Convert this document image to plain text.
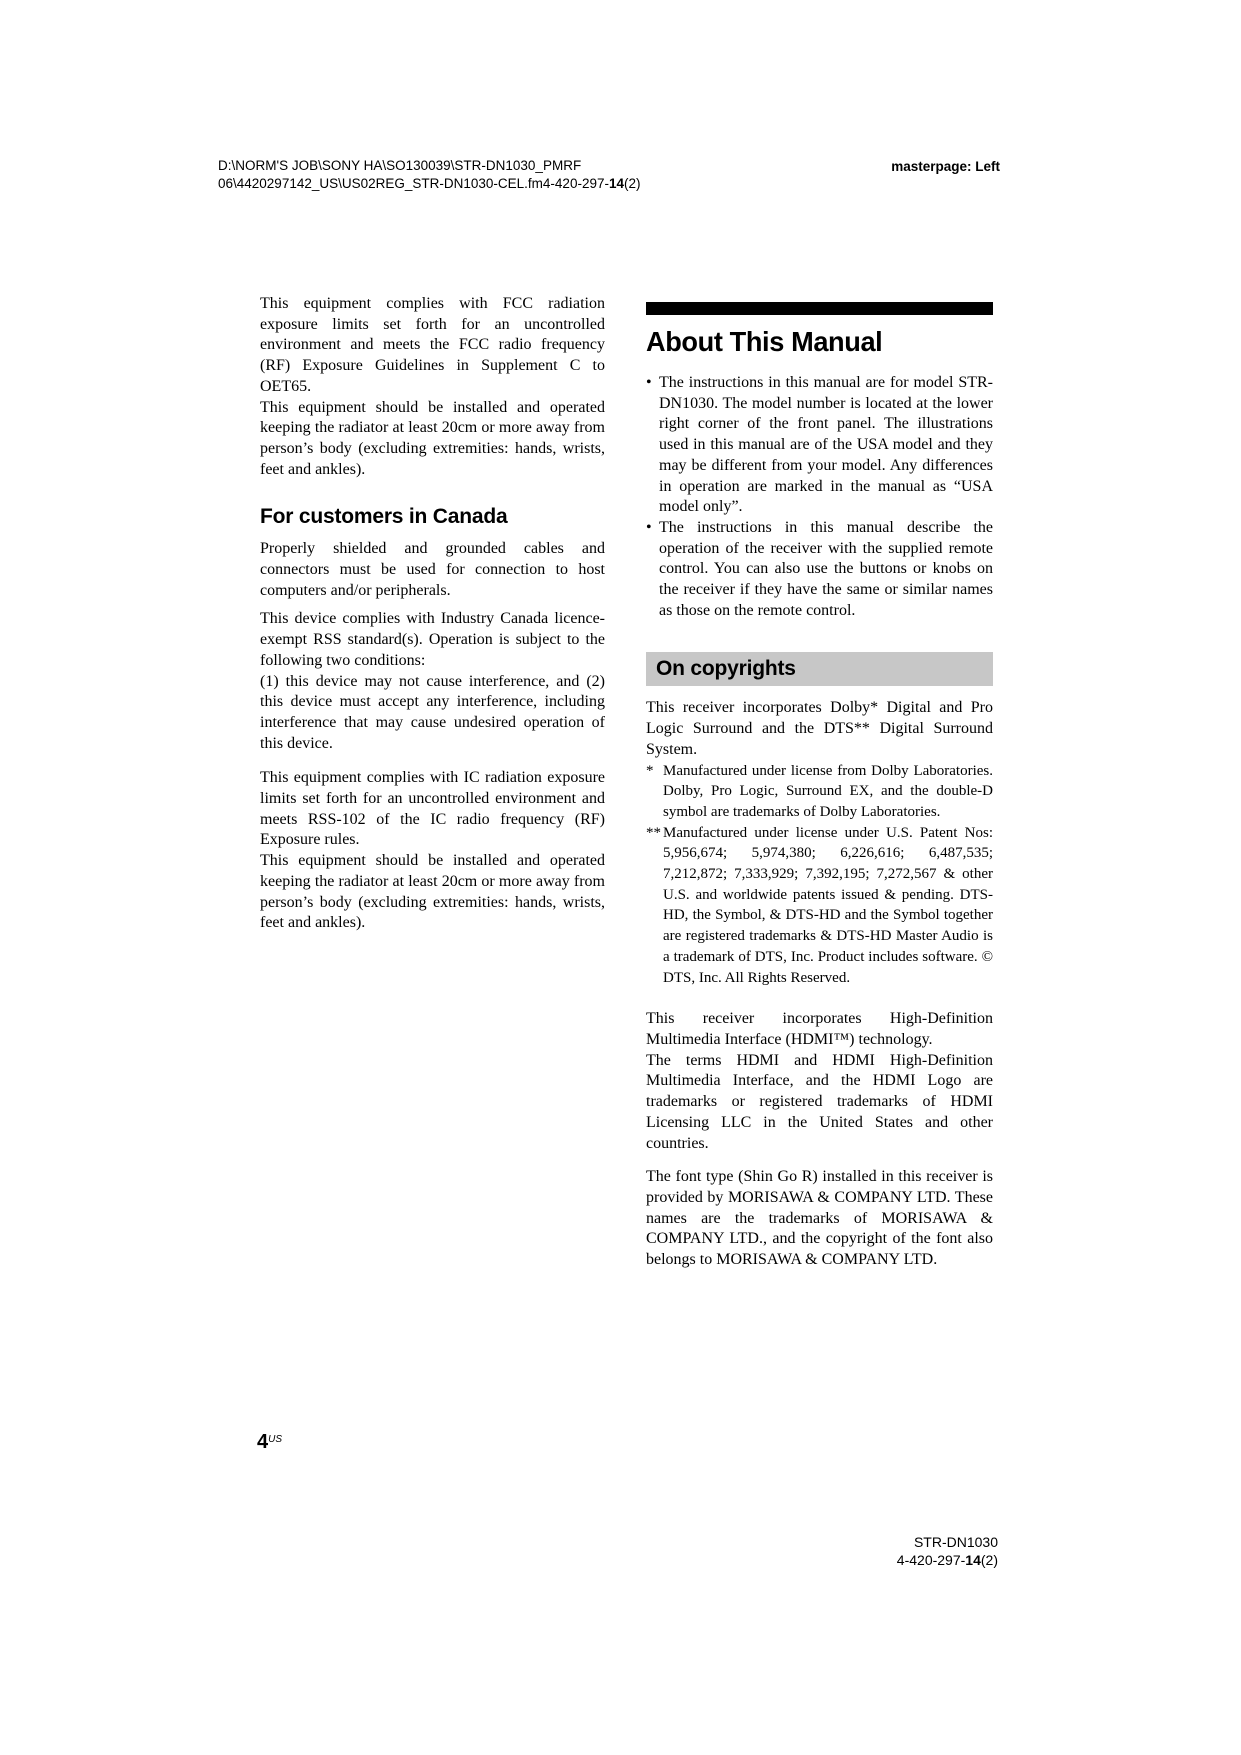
D:\NORM'S JOB\SONY HA\SO130039\STR-DN1030_PMRF
06\4420297142_US\US02REG_STR-DN1030-CEL.fm4-420-297-14(2)
masterpage: Left

This equipment complies with FCC radiation exposure limits set forth for an uncontrolled environment and meets the FCC radio frequency (RF) Exposure Guidelines in Supplement C to OET65.

This equipment should be installed and operated keeping the radiator at least 20cm or more away from person’s body (excluding extremities: hands, wrists, feet and ankles).

For customers in Canada

Properly shielded and grounded cables and connectors must be used for connection to host computers and/or peripherals.

This device complies with Industry Canada licence-exempt RSS standard(s). Operation is subject to the following two conditions:

(1) this device may not cause interference, and (2) this device must accept any interference, including interference that may cause undesired operation of this device.

This equipment complies with IC radiation exposure limits set forth for an uncontrolled environment and meets RSS-102 of the IC radio frequency (RF) Exposure rules.

This equipment should be installed and operated keeping the radiator at least 20cm or more away from person’s body (excluding extremities: hands, wrists, feet and ankles).

About This Manual

• The instructions in this manual are for model STR-DN1030. The model number is located at the lower right corner of the front panel. The illustrations used in this manual are of the USA model and they may be different from your model. Any differences in operation are marked in the manual as “USA model only”.

• The instructions in this manual describe the operation of the receiver with the supplied remote control. You can also use the buttons or knobs on the receiver if they have the same or similar names as those on the remote control.

On copyrights

This receiver incorporates Dolby* Digital and Pro Logic Surround and the DTS** Digital Surround System.

* Manufactured under license from Dolby Laboratories. Dolby, Pro Logic, Surround EX, and the double-D symbol are trademarks of Dolby Laboratories.

** Manufactured under license under U.S. Patent Nos: 5,956,674; 5,974,380; 6,226,616; 6,487,535; 7,212,872; 7,333,929; 7,392,195; 7,272,567 & other U.S. and worldwide patents issued & pending. DTS-HD, the Symbol, & DTS-HD and the Symbol together are registered trademarks & DTS-HD Master Audio is a trademark of DTS, Inc. Product includes software. © DTS, Inc. All Rights Reserved.

This receiver incorporates High-Definition Multimedia Interface (HDMI™) technology.

The terms HDMI and HDMI High-Definition Multimedia Interface, and the HDMI Logo are trademarks or registered trademarks of HDMI Licensing LLC in the United States and other countries.

The font type (Shin Go R) installed in this receiver is provided by MORISAWA & COMPANY LTD. These names are the trademarks of MORISAWA & COMPANY LTD., and the copyright of the font also belongs to MORISAWA & COMPANY LTD.

$4^{US}$
STR-DN1030
4-420-297-14(2)
